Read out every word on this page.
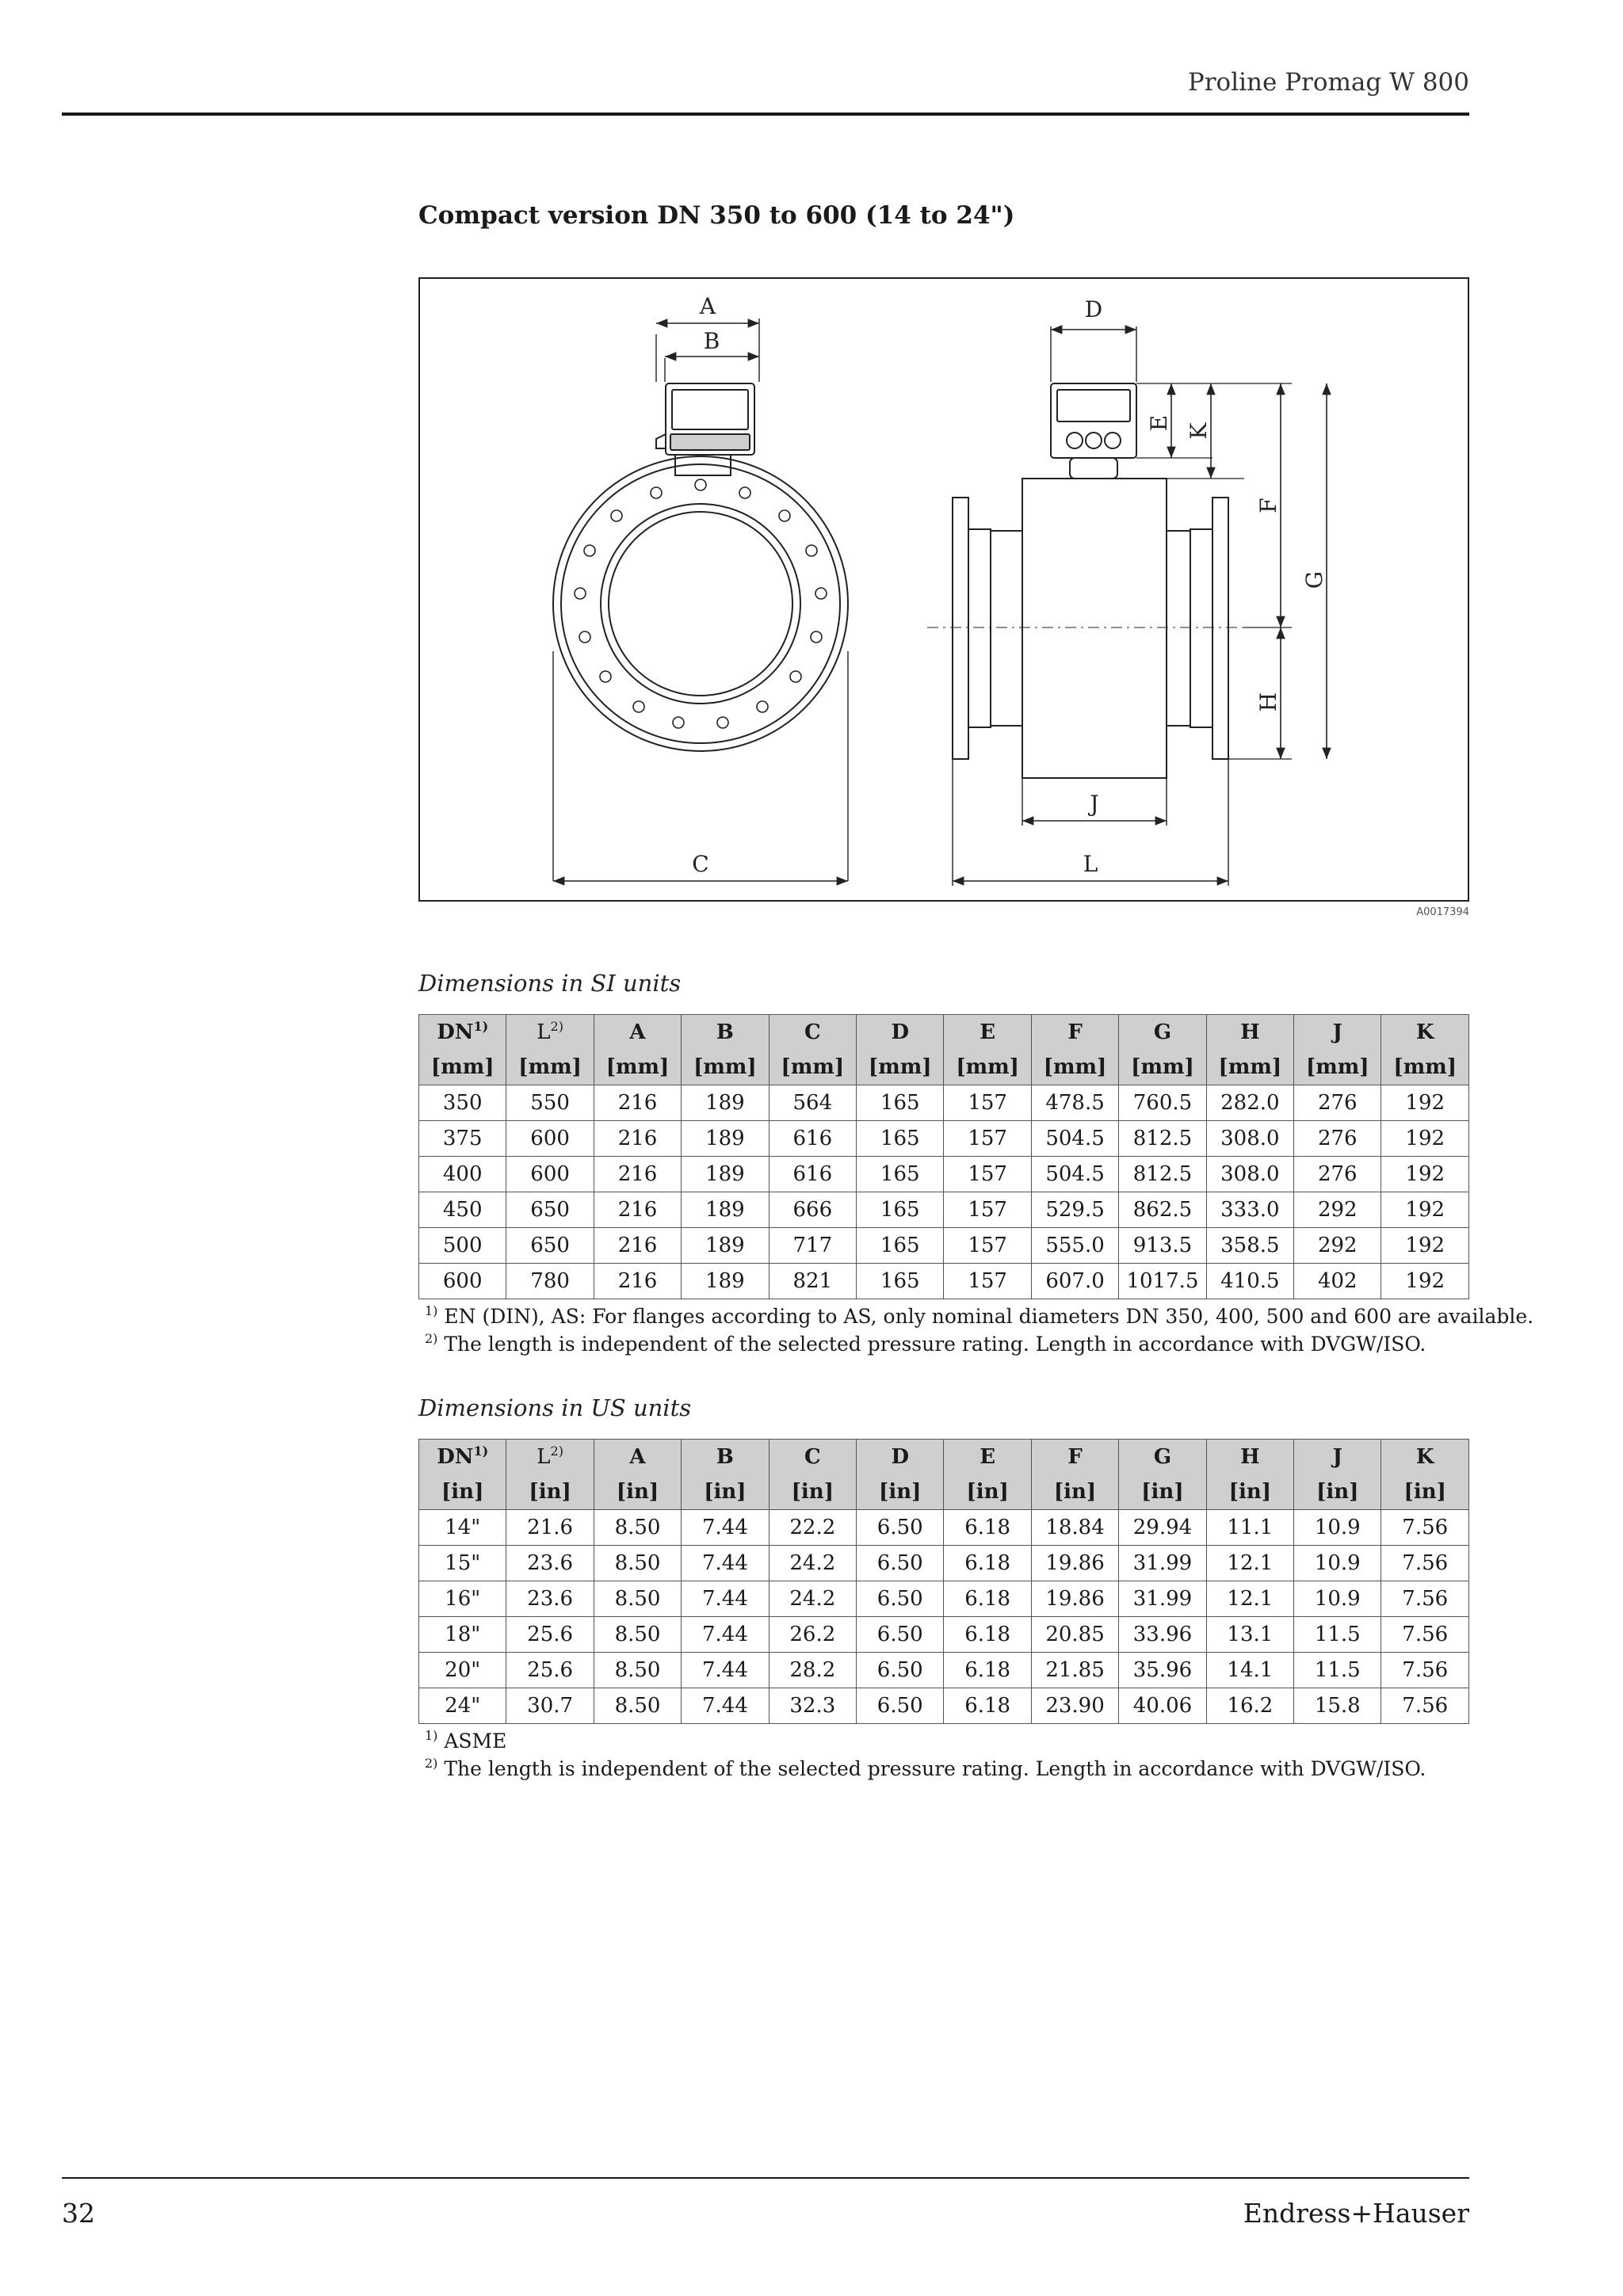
Proline Promag W 800
Compact version DN 350 to 600 (14 to 24")
A
B
C
D
E K
F
G
H
J
L
A0017394
Dimensions in SI units
DN$^{1)}$	$L^{2)}$	A	B	C	D	E	F	G	H	J	K
[mm]	[mm]	[mm]	[mm]	[mm]	[mm]	[mm]	[mm]	[mm]	[mm]	[mm]	[mm]
350	550	216	189	564	165	157	478.5	760.5	282.0	276	192
375	600	216	189	616	165	157	504.5	812.5	308.0	276	192
400	600	216	189	616	165	157	504.5	812.5	308.0	276	192
450	650	216	189	666	165	157	529.5	862.5	333.0	292	192
500	650	216	189	717	165	157	555.0	913.5	358.5	292	192
600	780	216	189	821	165	157	607.0	1017.5	410.5	402	192
$^{1)}$ EN (DIN), AS: For flanges according to AS, only nominal diameters DN 350, 400, 500 and 600 are available.
$^{2)}$ The length is independent of the selected pressure rating. Length in accordance with DVGW/ISO.
Dimensions in US units
DN$^{1)}$	$L^{2)}$	A	B	C	D	E	F	G	H	J	K
[in]	[in]	[in]	[in]	[in]	[in]	[in]	[in]	[in]	[in]	[in]	[in]
14"	21.6	8.50	7.44	22.2	6.50	6.18	18.84	29.94	11.1	10.9	7.56
15"	23.6	8.50	7.44	24.2	6.50	6.18	19.86	31.99	12.1	10.9	7.56
16"	23.6	8.50	7.44	24.2	6.50	6.18	19.86	31.99	12.1	10.9	7.56
18"	25.6	8.50	7.44	26.2	6.50	6.18	20.85	33.96	13.1	11.5	7.56
20"	25.6	8.50	7.44	28.2	6.50	6.18	21.85	35.96	14.1	11.5	7.56
24"	30.7	8.50	7.44	32.3	6.50	6.18	23.90	40.06	16.2	15.8	7.56
$^{1)}$ ASME
$^{2)}$ The length is independent of the selected pressure rating. Length in accordance with DVGW/ISO.
32	Endress+Hauser
